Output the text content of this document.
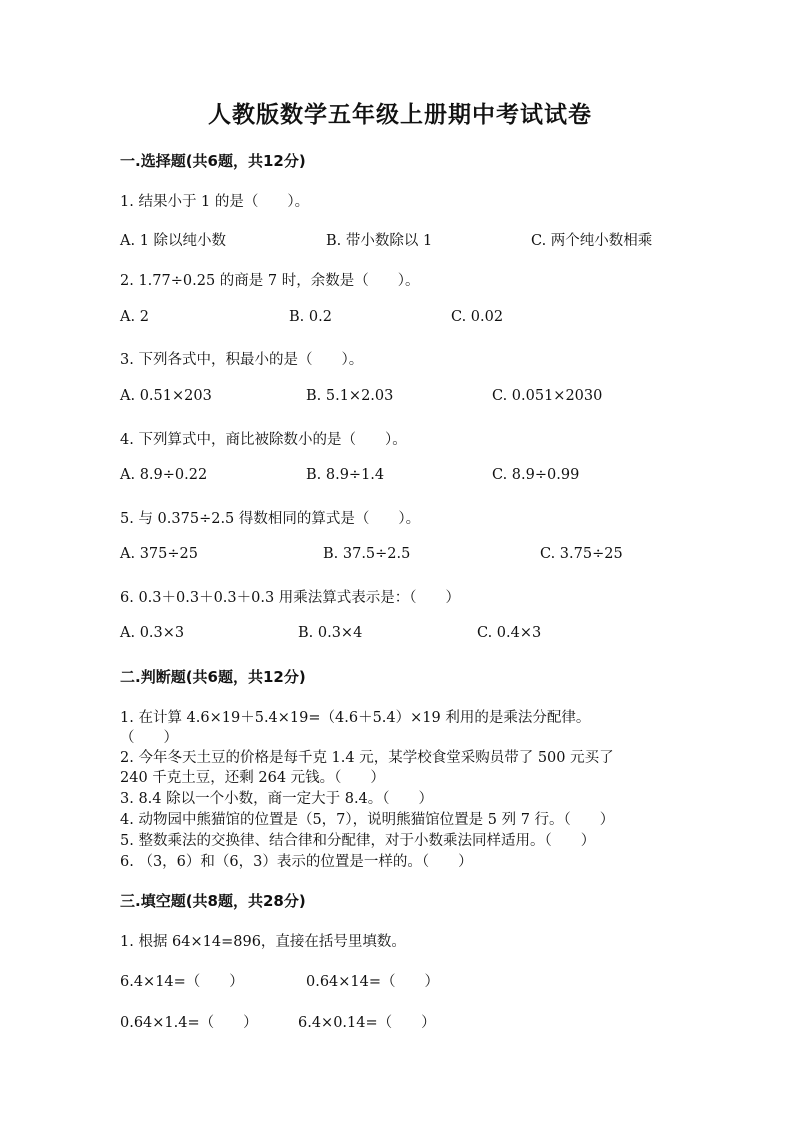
人教版数学五年级上册期中考试试卷
一.选择题(共6题，共12分)
1. 结果小于 1 的是（　　）。
A. 1 除以纯小数	B. 带小数除以 1	C. 两个纯小数相乘
2. 1.77÷0.25 的商是 7 时，余数是（　　）。
A. 2	B. 0.2	C. 0.02
3. 下列各式中，积最小的是（　　）。
A. 0.51×203	B. 5.1×2.03	C. 0.051×2030
4. 下列算式中，商比被除数小的是（　　）。
A. 8.9÷0.22	B. 8.9÷1.4	C. 8.9÷0.99
5. 与 0.375÷2.5 得数相同的算式是（　　）。
A. 375÷25	B. 37.5÷2.5	C. 3.75÷25
6. 0.3＋0.3＋0.3＋0.3 用乘法算式表示是：（　　）
A. 0.3×3	B. 0.3×4	C. 0.4×3
二.判断题(共6题，共12分)
1. 在计算 4.6×19＋5.4×19=（4.6＋5.4）×19 利用的是乘法分配律。
（　　）
2. 今年冬天土豆的价格是每千克 1.4 元，某学校食堂采购员带了 500 元买了
240 千克土豆，还剩 264 元钱。（　　）
3. 8.4 除以一个小数，商一定大于 8.4。（　　）
4. 动物园中熊猫馆的位置是（5，7），说明熊猫馆位置是 5 列 7 行。（　　）
5. 整数乘法的交换律、结合律和分配律，对于小数乘法同样适用。（　　）
6. （3，6）和（6，3）表示的位置是一样的。（　　）
三.填空题(共8题，共28分)
1. 根据 64×14=896，直接在括号里填数。
6.4×14=（　　）	0.64×14=（　　）
0.64×1.4=（　　）	6.4×0.14=（　　）
